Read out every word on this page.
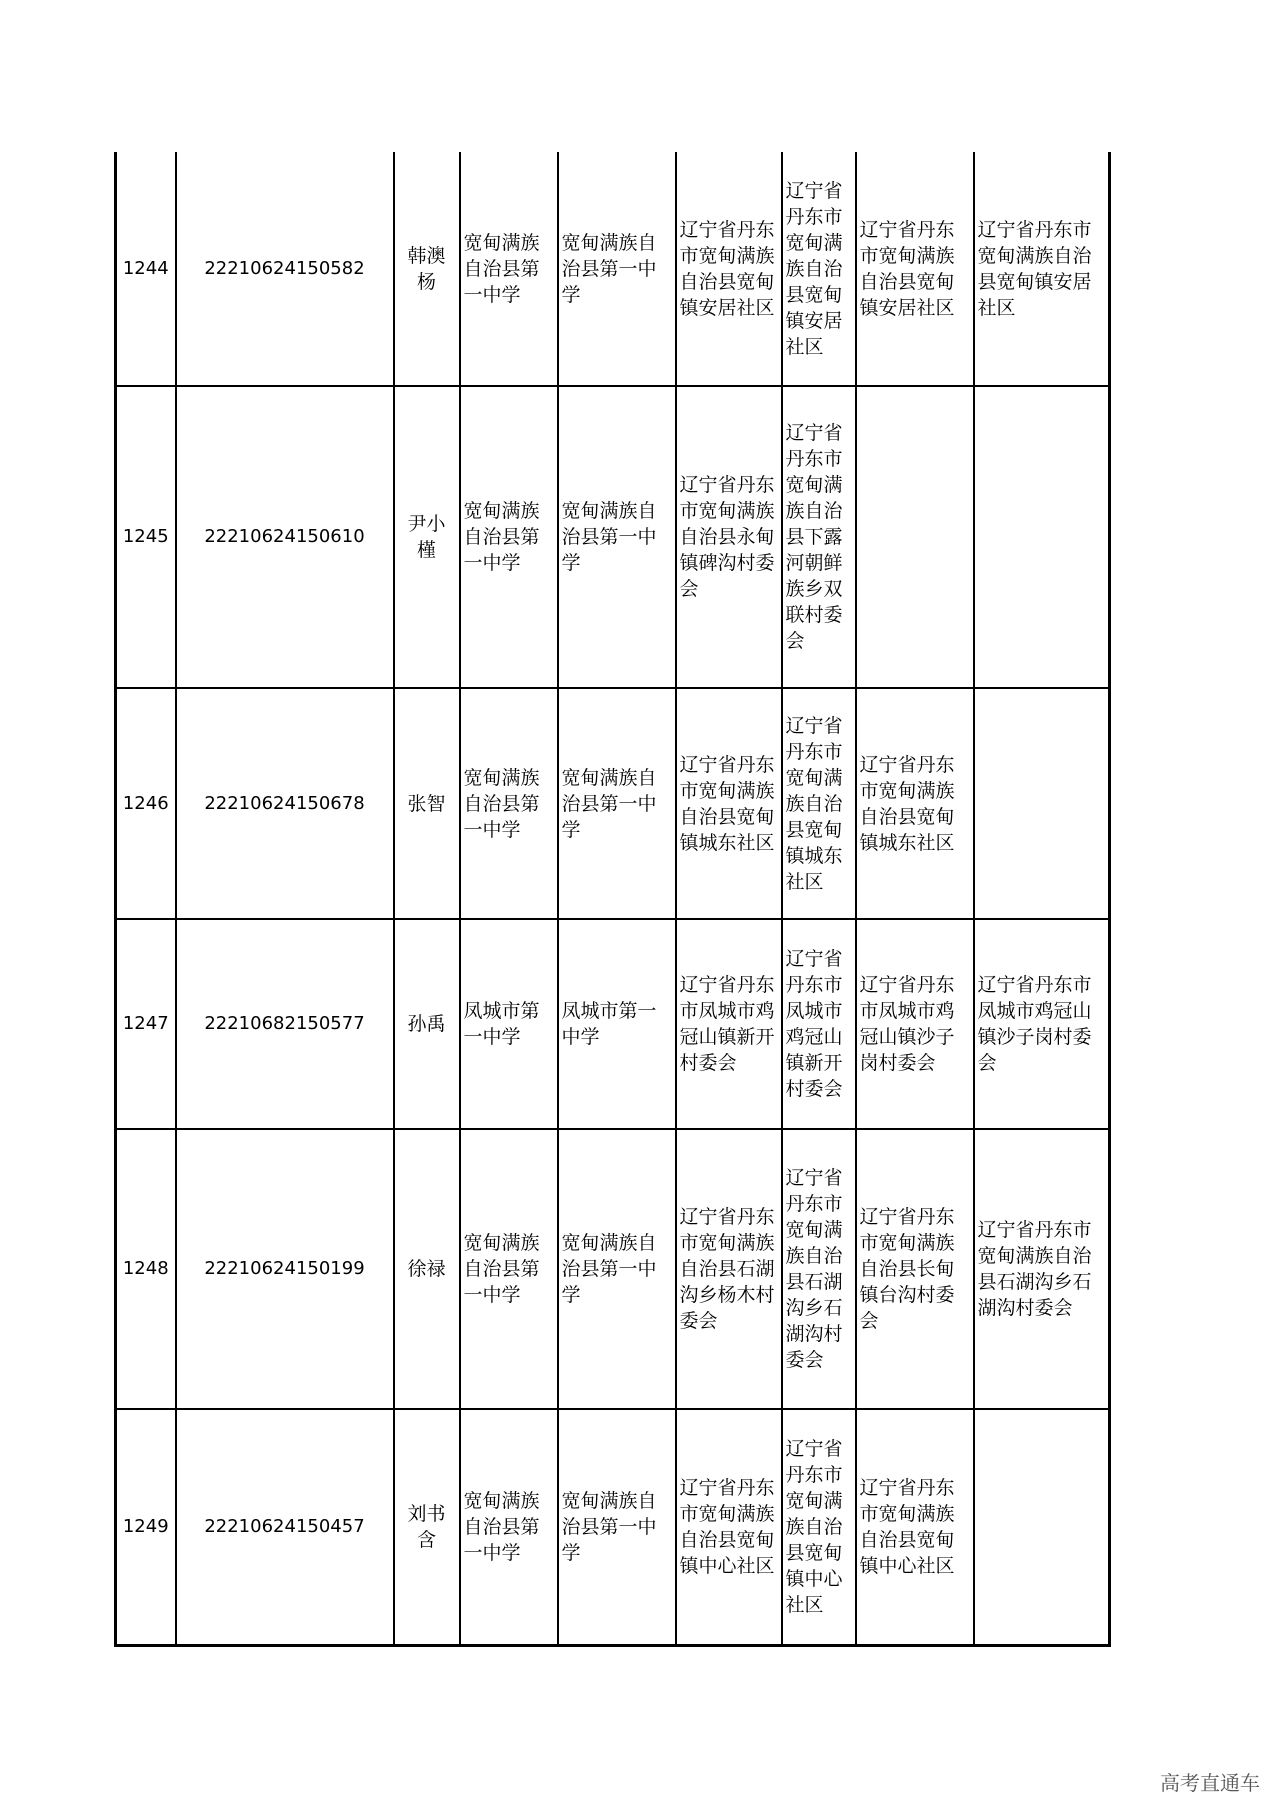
1244	22210624150582	韩澳杨	宽甸满族自治县第一中学	宽甸满族自治县第一中学	辽宁省丹东市宽甸满族自治县宽甸镇安居社区	辽宁省丹东市宽甸满族自治县宽甸镇安居社区	辽宁省丹东市宽甸满族自治县宽甸镇安居社区	辽宁省丹东市宽甸满族自治县宽甸镇安居社区
1245	22210624150610	尹小槿	宽甸满族自治县第一中学	宽甸满族自治县第一中学	辽宁省丹东市宽甸满族自治县永甸镇碑沟村委会	辽宁省丹东市宽甸满族自治县下露河朝鲜族乡双联村委会		
1246	22210624150678	张智	宽甸满族自治县第一中学	宽甸满族自治县第一中学	辽宁省丹东市宽甸满族自治县宽甸镇城东社区	辽宁省丹东市宽甸满族自治县宽甸镇城东社区	辽宁省丹东市宽甸满族自治县宽甸镇城东社区	
1247	22210682150577	孙禹	凤城市第一中学	凤城市第一中学	辽宁省丹东市凤城市鸡冠山镇新开村委会	辽宁省丹东市凤城市鸡冠山镇新开村委会	辽宁省丹东市凤城市鸡冠山镇沙子岗村委会	辽宁省丹东市凤城市鸡冠山镇沙子岗村委会
1248	22210624150199	徐禄	宽甸满族自治县第一中学	宽甸满族自治县第一中学	辽宁省丹东市宽甸满族自治县石湖沟乡杨木村委会	辽宁省丹东市宽甸满族自治县石湖沟乡石湖沟村委会	辽宁省丹东市宽甸满族自治县长甸镇台沟村委会	辽宁省丹东市宽甸满族自治县石湖沟乡石湖沟村委会
1249	22210624150457	刘书含	宽甸满族自治县第一中学	宽甸满族自治县第一中学	辽宁省丹东市宽甸满族自治县宽甸镇中心社区	辽宁省丹东市宽甸满族自治县宽甸镇中心社区	辽宁省丹东市宽甸满族自治县宽甸镇中心社区	
高考直通车
